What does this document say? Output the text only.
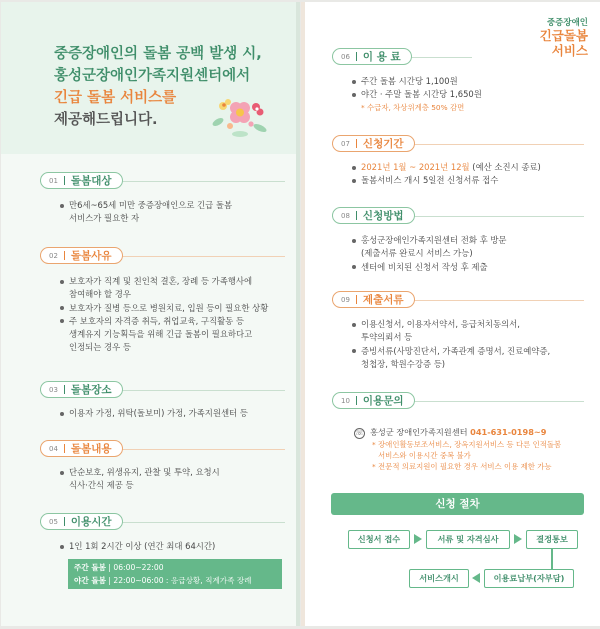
중증장애인의 돌봄 공백 발생 시,
홍성군장애인가족지원센터에서
긴급 돌봄 서비스를
제공해드립니다.
중증장애인
긴급돌봄
서비스
01 돌봄대상
만6세~65세 미만 중증장애인으로 긴급 돌봄
서비스가 필요한 자
02 돌봄사유
보호자가 직계 및 친인척 결혼, 장례 등 가족행사에
참여해야 할 경우
보호자가 질병 등으로 병원치료, 입원 등이 필요한 상황
주 보호자의 자격증 취득, 취업교육, 구직활동 등
생계유지 기능획득을 위해 긴급 돌봄이 필요하다고
인정되는 경우 등
03 돌봄장소
이용자 가정, 위탁(돌보미) 가정, 가족지원센터 등
04 돌봄내용
단순보호, 위생유지, 관찰 및 투약, 요청시
식사·간식 제공 등
05 이용시간
1인 1회 2시간 이상 (연간 최대 64시간)
주간 돌봄 | 06:00~22:00
야간 돌봄 | 22:00~06:00 : 응급상황, 직계가족 장례
06 이 용 료
주간 돌봄 시간당 1,100원
야간 · 주말 돌봄 시간당 1,650원
* 수급자, 차상위계층 50% 감면
07 신청기간
2021년 1월 ~ 2021년 12월 (예산 소진시 종료)
돌봄서비스 개시 5일전 신청서류 접수
08 신청방법
홍성군장애인가족지원센터 전화 후 방문
(제출서류 완료시 서비스 가능)
센터에 비치된 신청서 작성 후 제출
09 제출서류
이용신청서, 이용자서약서, 응급처치동의서,
투약의뢰서 등
증빙서류(사망진단서, 가족관계 증명서, 진료예약증,
청첩장, 학원수강증 등)
10 이용문의
☏ 홍성군 장애인가족지원센터 041-631-0198~9
* 장애인활동보조서비스, 장옥지원서비스 등 다른 인적돌봄
서비스와 이용시간 중복 불가
* 전문적 의료지원이 필요한 경우 서비스 이용 제한 가능
신청 절차
신청서 접수	서류 및 자격심사	결정통보
서비스개시	이용료납부(자부담)
